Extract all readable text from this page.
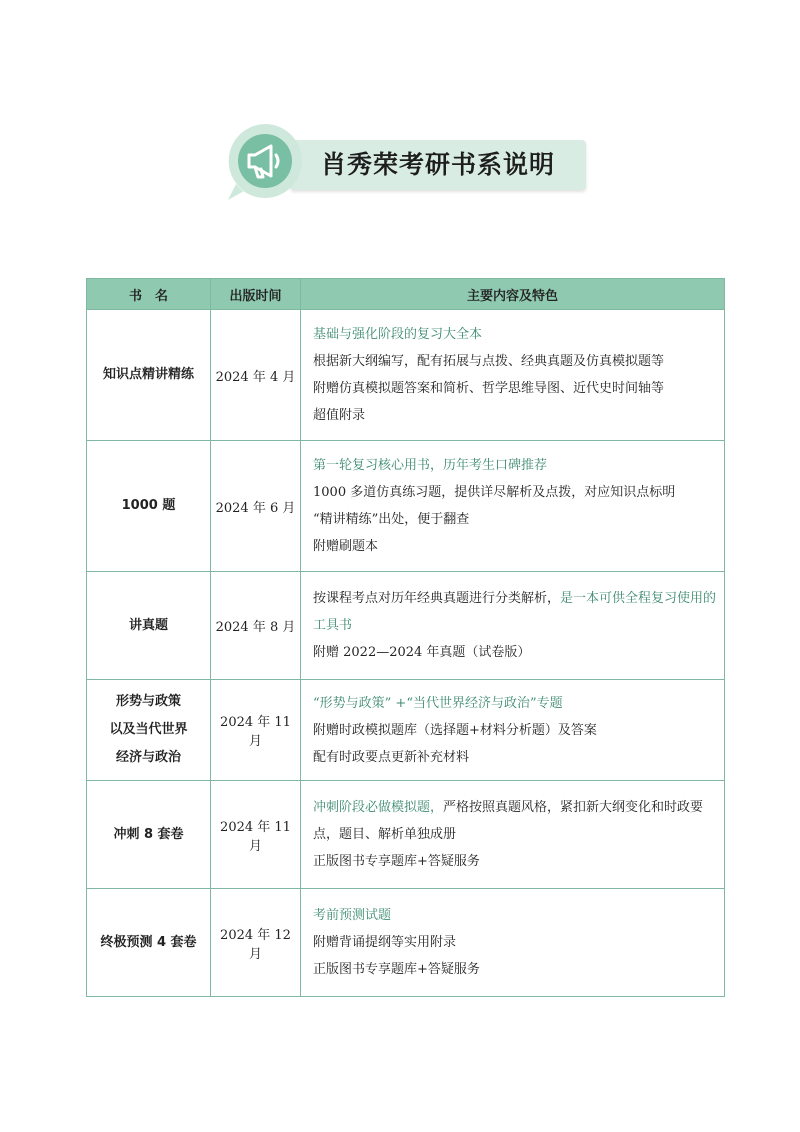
肖秀荣考研书系说明
书　名	出版时间	主要内容及特色
知识点精讲精练	2024 年 4 月	基础与强化阶段的复习大全本
根据新大纲编写，配有拓展与点拨、经典真题及仿真模拟题等
附赠仿真模拟题答案和简析、哲学思维导图、近代史时间轴等
超值附录

1000 题	2024 年 6 月	第一轮复习核心用书，历年考生口碑推荐
1000 多道仿真练习题，提供详尽解析及点拨，对应知识点标明
“精讲精练”出处，便于翻查
附赠刷题本

讲真题	2024 年 8 月	按课程考点对历年经典真题进行分类解析，是一本可供全程复习使用的工具书
附赠 2022—2024 年真题（试卷版）

形势与政策
以及当代世界
经济与政治	2024 年 11 月	“形势与政策” +“当代世界经济与政治”专题
附赠时政模拟题库（选择题+材料分析题）及答案
配有时政要点更新补充材料

冲刺 8 套卷	2024 年 11 月	冲刺阶段必做模拟题，严格按照真题风格，紧扣新大纲变化和时政要点，题目、解析单独成册
正版图书专享题库+答疑服务

终极预测 4 套卷	2024 年 12 月	考前预测试题
附赠背诵提纲等实用附录
正版图书专享题库+答疑服务
